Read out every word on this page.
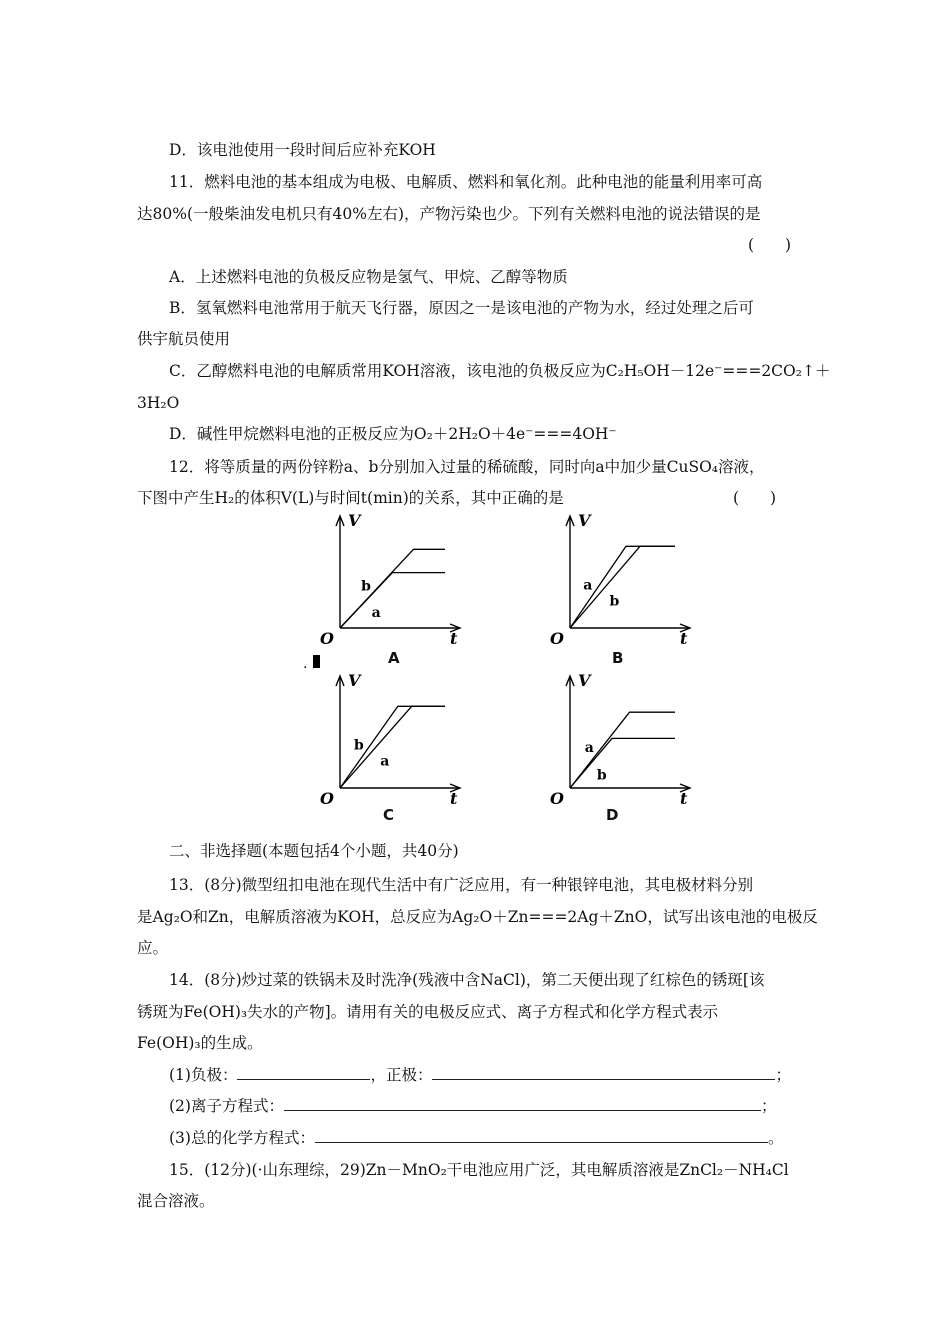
D．该电池使用一段时间后应补充KOH
11．燃料电池的基本组成为电极、电解质、燃料和氧化剂。此种电池的能量利用率可高
达80%(一般柴油发电机只有40%左右)，产物污染也少。下列有关燃料电池的说法错误的是
(　　)
A．上述燃料电池的负极反应物是氢气、甲烷、乙醇等物质
B．氢氧燃料电池常用于航天飞行器，原因之一是该电池的产物为水，经过处理之后可
供宇航员使用
C．乙醇燃料电池的电解质常用KOH溶液，该电池的负极反应为C₂H₅OH－12e⁻===2CO₂↑＋
3H₂O
D．碱性甲烷燃料电池的正极反应为O₂＋2H₂O＋4e⁻===4OH⁻
12．将等质量的两份锌粉a、b分别加入过量的稀硫酸，同时向a中加少量CuSO₄溶液，
下图中产生H₂的体积V(L)与时间t(min)的关系，其中正确的是	(　　)
V
t
O
a
b
V
t
O
a
b
V
t
O
b
a
V
t
O
a
b
A	B
C	D
.
二、非选择题(本题包括4个小题，共40分)
13．(8分)微型纽扣电池在现代生活中有广泛应用，有一种银锌电池，其电极材料分别
是Ag₂O和Zn，电解质溶液为KOH，总反应为Ag₂O＋Zn===2Ag＋ZnO，试写出该电池的电极反
应。
14．(8分)炒过菜的铁锅未及时洗净(残液中含NaCl)，第二天便出现了红棕色的锈斑[该
锈斑为Fe(OH)₃失水的产物]。请用有关的电极反应式、离子方程式和化学方程式表示
Fe(OH)₃的生成。
(1)负极：	，正极：	；
(2)离子方程式：	；
(3)总的化学方程式：	。
15．(12分)(·山东理综，29)Zn－MnO₂干电池应用广泛，其电解质溶液是ZnCl₂－NH₄Cl
混合溶液。
